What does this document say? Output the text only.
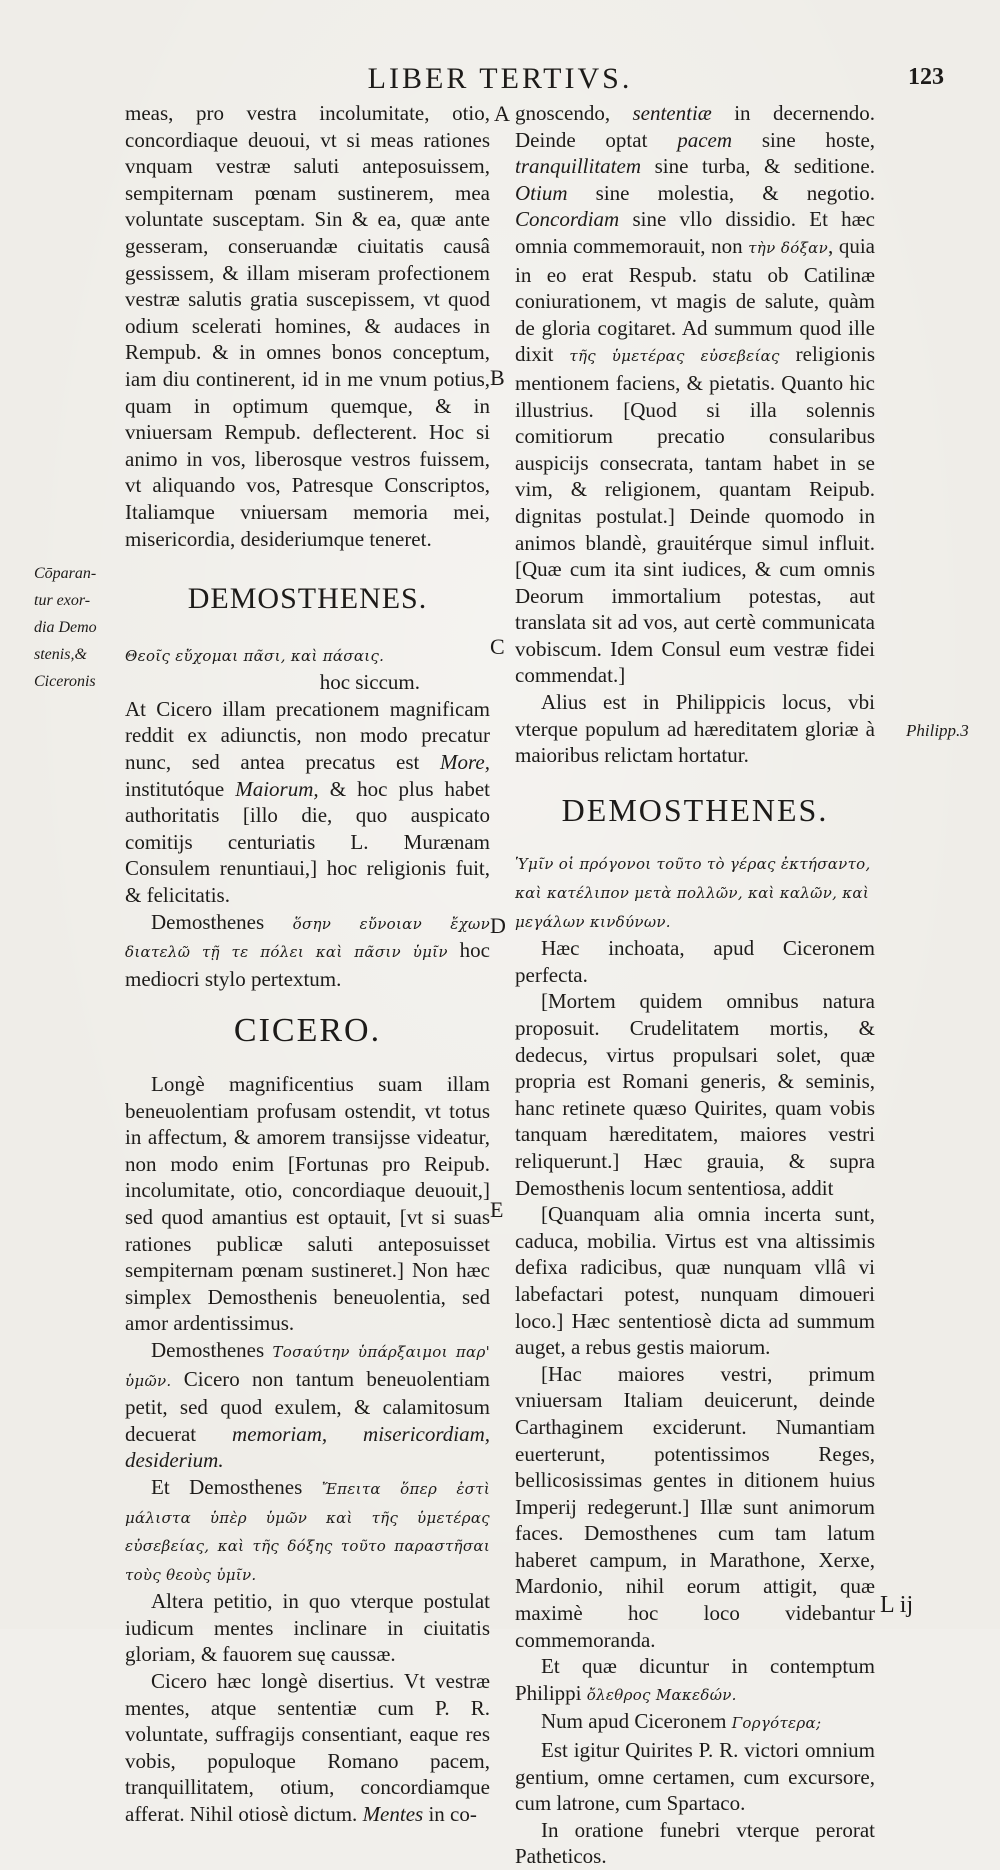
LIBER TERTIVS.	123
A
B
C
D
E
Cōparan-
tur exor-
dia Demo
stenis,&
Ciceronis
Philipp.3

meas, pro vestra incolumitate, otio, concordiaque deuoui, vt si meas rationes vnquam vestræ saluti anteposuissem, sempiternam pœnam sustinerem, mea voluntate susceptam. Sin & ea, quæ ante gesseram, conseruandæ ciuitatis causâ gessissem, & illam miseram profectionem vestræ salutis gratia suscepissem, vt quod odium scelerati homines, & audaces in Rempub. & in omnes bonos conceptum, iam diu continerent, id in me vnum potius, quam in optimum quemque, & in vniuersam Rempub. deflecterent. Hoc si animo in vos, liberosque vestros fuissem, vt aliquando vos, Patresque Conscriptos, Italiamque vniuersam memoria mei, misericordia, desideriumque teneret.

DEMOSTHENES.

Θεοῖς εὔχομαι πᾶσι, καὶ πάσαις.

hoc siccum.

At Cicero illam precationem magnificam reddit ex adiunctis, non modo precatur nunc, sed antea precatus est More, institutóque Maiorum, & hoc plus habet authoritatis [illo die, quo auspicato comitijs centuriatis L. Murænam Consulem renuntiaui,] hoc religionis fuit, & felicitatis.

Demosthenes ὅσην εὔνοιαν ἔχων διατελῶ τῇ τε πόλει καὶ πᾶσιν ὑμῖν hoc mediocri stylo pertextum.

CICERO.

Longè magnificentius suam illam beneuolentiam profusam ostendit, vt totus in affectum, & amorem transijsse videatur, non modo enim [Fortunas pro Reipub. incolumitate, otio, concordiaque deuouit,] sed quod amantius est optauit, [vt si suas rationes publicæ saluti anteposuisset sempiternam pœnam sustineret.] Non hæc simplex Demosthenis beneuolentia, sed amor ardentissimus.

Demosthenes Τοσαύτην ὑπάρξαιμοι παρ' ὑμῶν. Cicero non tantum beneuolentiam petit, sed quod exulem, & calamitosum decuerat memoriam, misericordiam, desiderium.

Et Demosthenes Ἔπειτα ὅπερ ἐστὶ μάλιστα ὑπὲρ ὑμῶν καὶ τῆς ὑμετέρας εὐσεβείας, καὶ τῆς δόξης τοῦτο παραστῆσαι τοὺς θεοὺς ὑμῖν.

Altera petitio, in quo vterque postulat iudicum mentes inclinare in ciuitatis gloriam, & fauorem suę caussæ.

Cicero hæc longè disertius. Vt vestræ mentes, atque sententiæ cum P. R. voluntate, suffragijs consentiant, eaque res vobis, populoque Romano pacem, tranquillitatem, otium, concordiamque afferat. Nihil otiosè dictum. Mentes in co-

gnoscendo, sententiæ in decernendo. Deinde optat pacem sine hoste, tranquillitatem sine turba, & seditione. Otium sine molestia, & negotio. Concordiam sine vllo dissidio. Et hæc omnia commemorauit, non τὴν δόξαν, quia in eo erat Respub. statu ob Catilinæ coniurationem, vt magis de salute, quàm de gloria cogitaret. Ad summum quod ille dixit τῆς ὑμετέρας εὐσεβείας religionis mentionem faciens, & pietatis. Quanto hic illustrius. [Quod si illa solennis comitiorum precatio consularibus auspicijs consecrata, tantam habet in se vim, & religionem, quantam Reipub. dignitas postulat.] Deinde quomodo in animos blandè, grauitérque simul influit. [Quæ cum ita sint iudices, & cum omnis Deorum immortalium potestas, aut translata sit ad vos, aut certè communicata vobiscum. Idem Consul eum vestræ fidei commendat.]

Alius est in Philippicis locus, vbi vterque populum ad hæreditatem gloriæ à maioribus relictam hortatur.

DEMOSTHENES.

Ὑμῖν οἱ πρόγονοι τοῦτο τὸ γέρας ἐκτήσαντο, καὶ κατέλιπον μετὰ πολλῶν, καὶ καλῶν, καὶ μεγάλων κινδύνων.

Hæc inchoata, apud Ciceronem perfecta.

[Mortem quidem omnibus natura proposuit. Crudelitatem mortis, & dedecus, virtus propulsari solet, quæ propria est Romani generis, & seminis, hanc retinete quæso Quirites, quam vobis tanquam hæreditatem, maiores vestri reliquerunt.] Hæc grauia, & supra Demosthenis locum sententiosa, addit

[Quanquam alia omnia incerta sunt, caduca, mobilia. Virtus est vna altissimis defixa radicibus, quæ nunquam vllâ vi labefactari potest, nunquam dimoueri loco.] Hæc sententiosè dicta ad summum auget, a rebus gestis maiorum.

[Hac maiores vestri, primum vniuersam Italiam deuicerunt, deinde Carthaginem exciderunt. Numantiam euerterunt, potentissimos Reges, bellicosissimas gentes in ditionem huius Imperij redegerunt.] Illæ sunt animorum faces. Demosthenes cum tam latum haberet campum, in Marathone, Xerxe, Mardonio, nihil eorum attigit, quæ maximè hoc loco videbantur commemoranda.

Et quæ dicuntur in contemptum Philippi ὄλεθρος Μακεδών.

Num apud Ciceronem Γοργότερα;

Est igitur Quirites P. R. victori omnium gentium, omne certamen, cum excursore, cum latrone, cum Spartaco.

In oratione funebri vterque perorat Patheticos.

L ij
